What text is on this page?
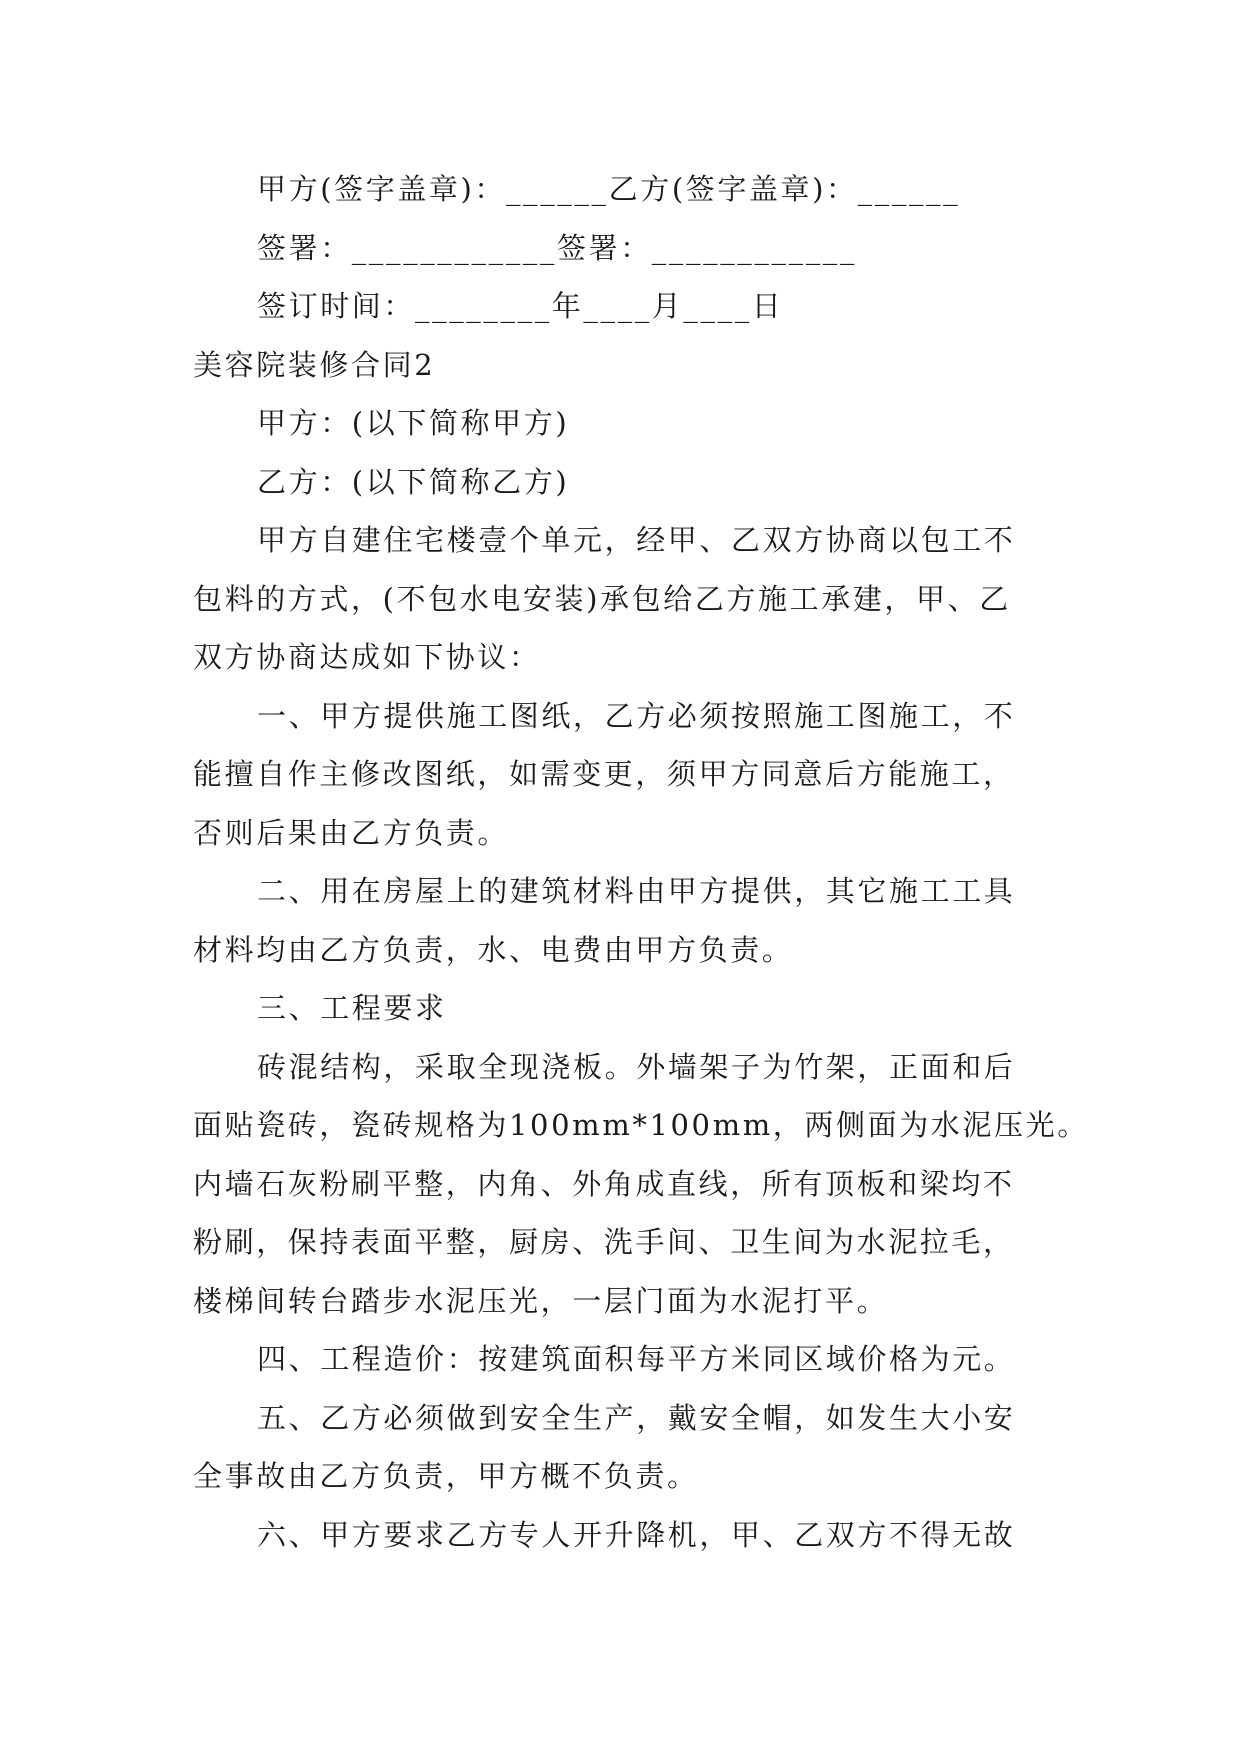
甲方(签字盖章)：______乙方(签字盖章)：______
签署：____________签署：____________
签订时间：________年____月____日
美容院装修合同2
甲方：(以下简称甲方)
乙方：(以下简称乙方)
甲方自建住宅楼壹个单元，经甲、乙双方协商以包工不
包料的方式，(不包水电安装)承包给乙方施工承建，甲、乙
双方协商达成如下协议：
一、甲方提供施工图纸，乙方必须按照施工图施工，不
能擅自作主修改图纸，如需变更，须甲方同意后方能施工，
否则后果由乙方负责。
二、用在房屋上的建筑材料由甲方提供，其它施工工具
材料均由乙方负责，水、电费由甲方负责。
三、工程要求
砖混结构，采取全现浇板。外墙架子为竹架，正面和后
面贴瓷砖，瓷砖规格为100mm*100mm，两侧面为水泥压光。
内墙石灰粉刷平整，内角、外角成直线，所有顶板和梁均不
粉刷，保持表面平整，厨房、洗手间、卫生间为水泥拉毛，
楼梯间转台踏步水泥压光，一层门面为水泥打平。
四、工程造价：按建筑面积每平方米同区域价格为元。
五、乙方必须做到安全生产，戴安全帽，如发生大小安
全事故由乙方负责，甲方概不负责。
六、甲方要求乙方专人开升降机，甲、乙双方不得无故
